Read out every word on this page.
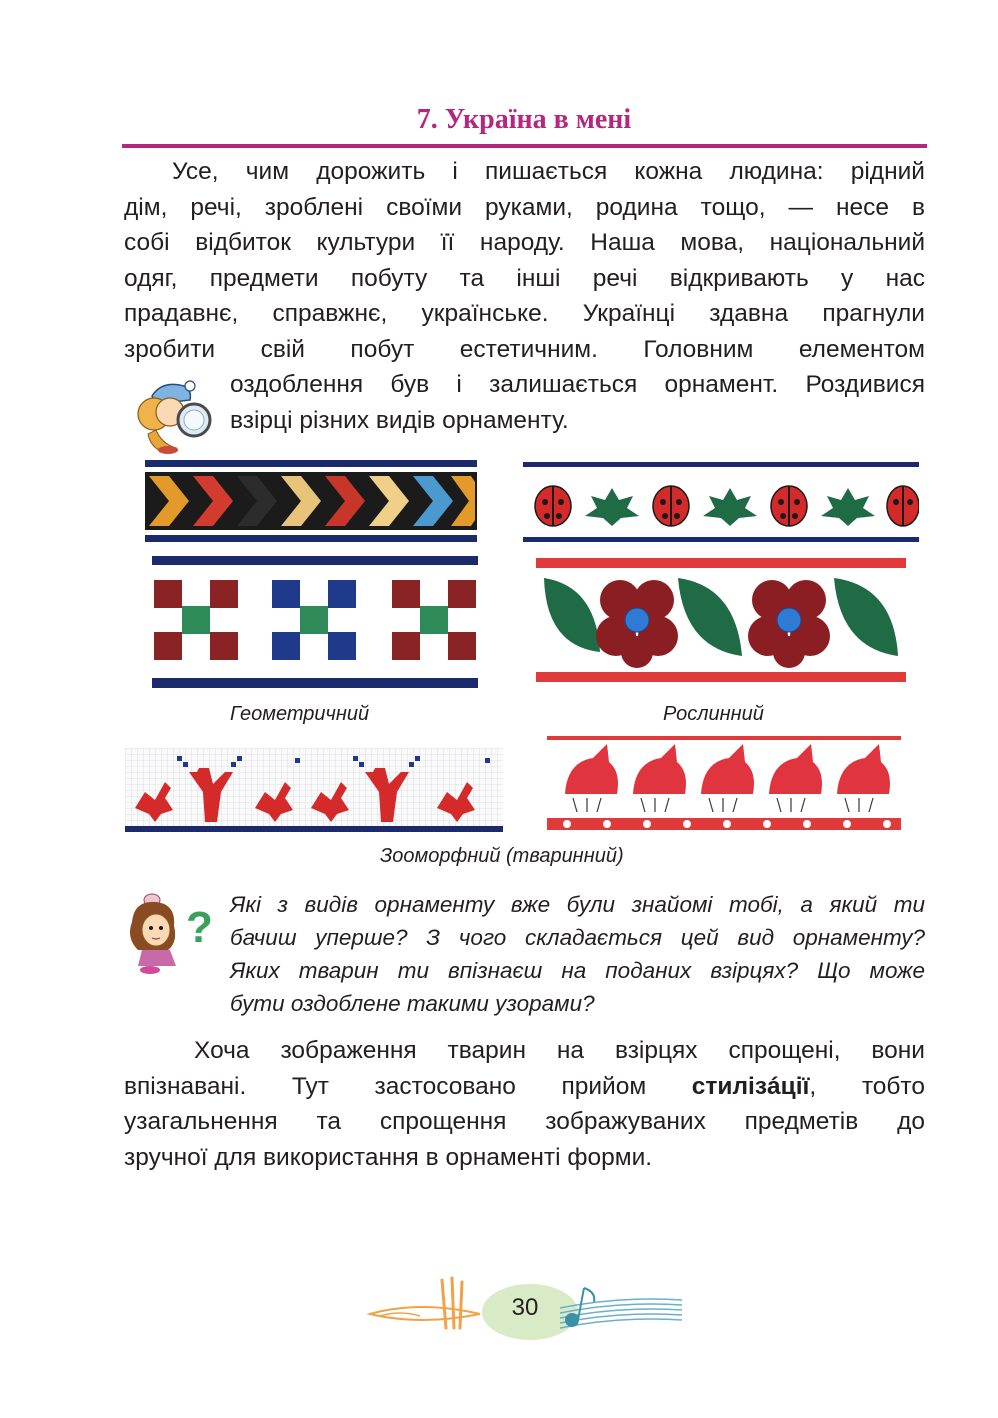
7. Україна в мені

Усе, чим дорожить і пишається кожна людина: рідний

дім, речі, зроблені своїми руками, родина тощо, — несе в

собі відбиток культури її народу. Наша мова, національний

одяг, предмети побуту та інші речі відкривають у нас

прадавнє, справжнє, українське. Українці здавна прагнули

зробити свій побут естетичним. Головним елементом

оздоблення був і залишається орнамент. Роздивися

взірці різних видів орнаменту.

Геометричний	Рослинний
Зооморфний (тваринний)
? Які з видів орнаменту вже були знайомі тобі, а який ти

бачиш уперше? З чого складається цей вид орнаменту?

Яких тварин ти впізнаєш на поданих взірцях? Що може

бути оздоблене такими узорами?

Хоча зображення тварин на взірцях спрощені, вони

впізнавані. Тут застосовано прийом стилізáції, тобто

узагальнення та спрощення зображуваних предметів до

зручної для використання в орнаменті форми.

30
